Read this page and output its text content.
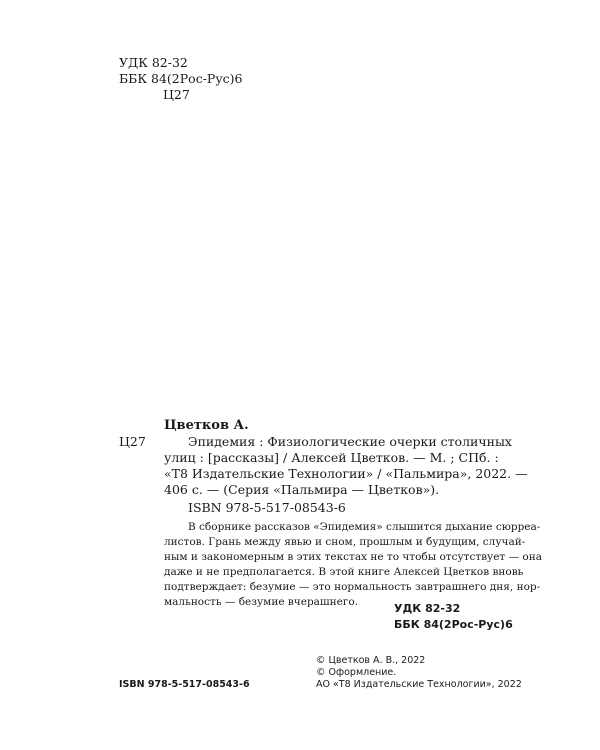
УДК 82-32
ББК 84(2Рос-Рус)6
Ц27
Цветков А.
Ц27	Эпидемия : Физиологические очерки столичных
улиц : [рассказы] / Алексей Цветков. — М. ; СПб. :
«Т8 Издательские Технологии» / «Пальмира», 2022. —
406 с. — (Серия «Пальмира — Цветков»).
ISBN 978-5-517-08543-6
В сборнике рассказов «Эпидемия» слышится дыхание сюрреа-
листов. Грань между явью и сном, прошлым и будущим, случай-
ным и закономерным в этих текстах не то чтобы отсутствует — она
даже и не предполагается. В этой книге Алексей Цветков вновь
подтверждает: безумие — это нормальность завтрашнего дня, нор-
мальность — безумие вчерашнего.	УДК 82-32
ББК 84(2Рос-Рус)6
© Цветков А. В., 2022
© Оформление.
АО «Т8 Издательские Технологии», 2022
ISBN 978-5-517-08543-6
